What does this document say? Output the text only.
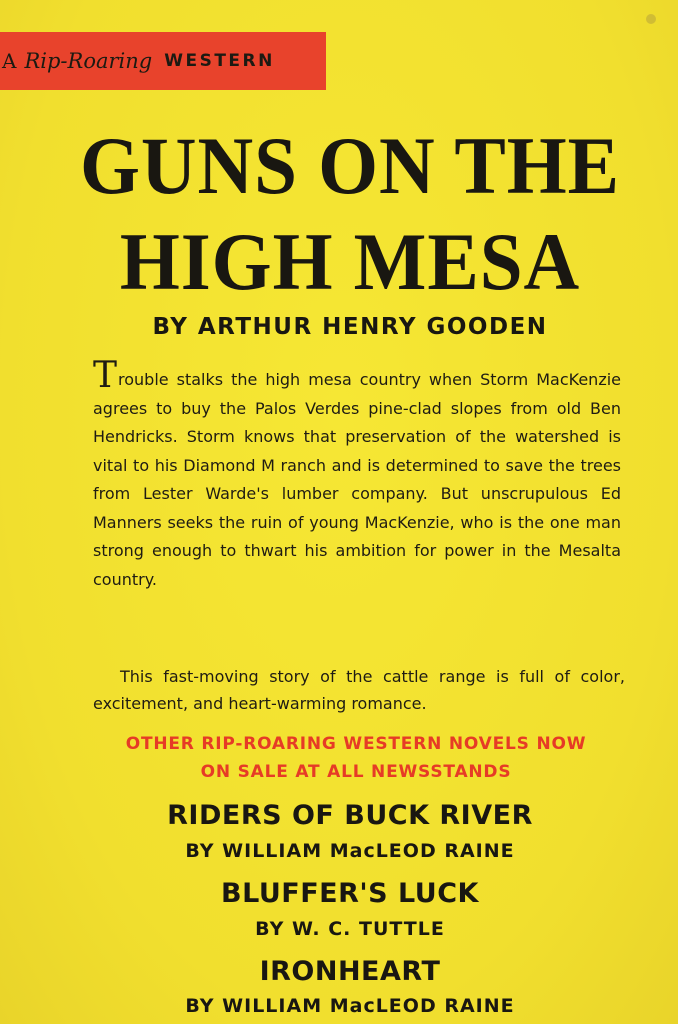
A Rip-Roaring WESTERN
GUNS ON THE
HIGH MESA
BY ARTHUR HENRY GOODEN

Trouble stalks the high mesa country when Storm MacKenzie agrees to buy the Palos Verdes pine-clad slopes from old Ben Hendricks. Storm knows that preservation of the watershed is vital to his Diamond M ranch and is determined to save the trees from Lester Warde's lumber company. But unscrupulous Ed Manners seeks the ruin of young MacKenzie, who is the one man strong enough to thwart his ambition for power in the Mesalta country.

This fast-moving story of the cattle range is full of color, excitement, and heart-warming romance.

OTHER RIP-ROARING WESTERN NOVELS NOW
ON SALE AT ALL NEWSSTANDS
RIDERS OF BUCK RIVER
BY WILLIAM MacLEOD RAINE
BLUFFER'S LUCK
BY W. C. TUTTLE
IRONHEART
BY WILLIAM MacLEOD RAINE
